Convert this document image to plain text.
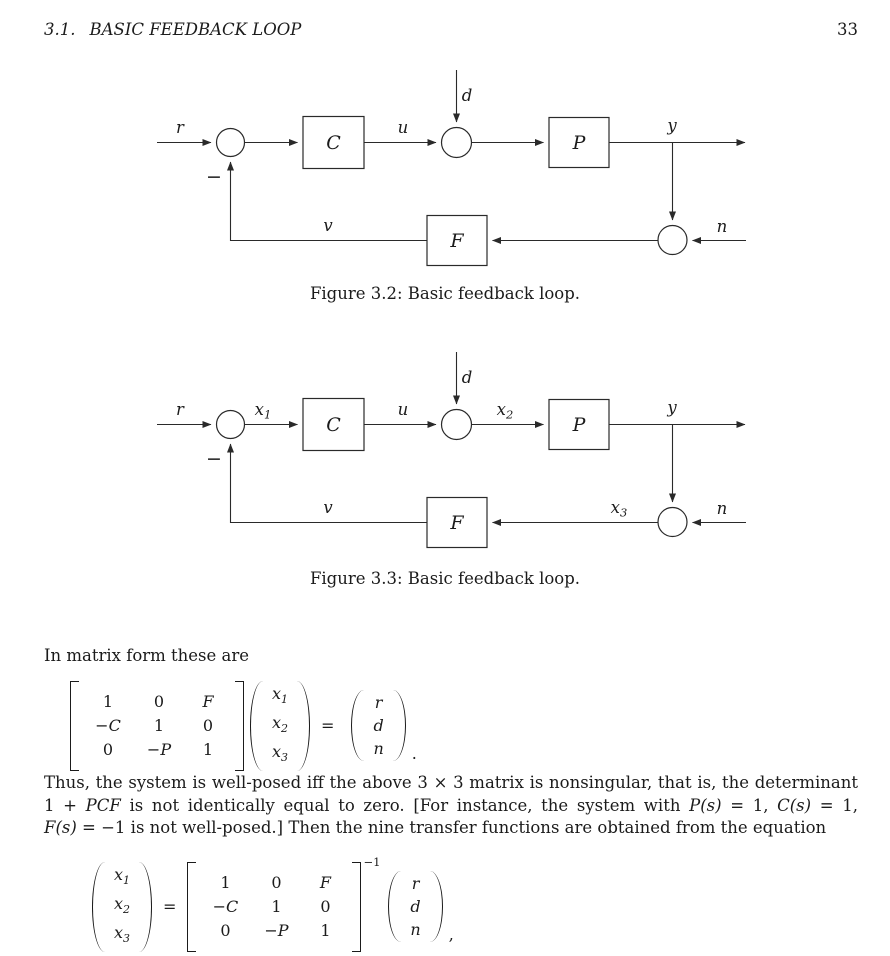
3.1. BASIC FEEDBACK LOOP	33
r
−
C
u
d
P
y
n
v
F
Figure 3.2: Basic feedback loop.
r
−
$x_1$	C
u
d
$x_2$	P
y
$x_3$	n
v
F
Figure 3.3: Basic feedback loop.
In matrix form these are
1	0	F
−C	1	0
0	−P	1
$x_1$
$x_2$
$x_3$
=
r
d
n .
Thus, the system is well-posed iff the above 3 × 3 matrix is nonsingular, that is, the determinant
1 + PCF is not identically equal to zero. [For instance, the system with P(s) = 1, C(s) = 1,
F(s) = −1 is not well-posed.] Then the nine transfer functions are obtained from the equation
$x_1$
$x_2$
$x_3$
=
1	0	F
−C	1	0
0	−P	1
−1
r
d
n ,
